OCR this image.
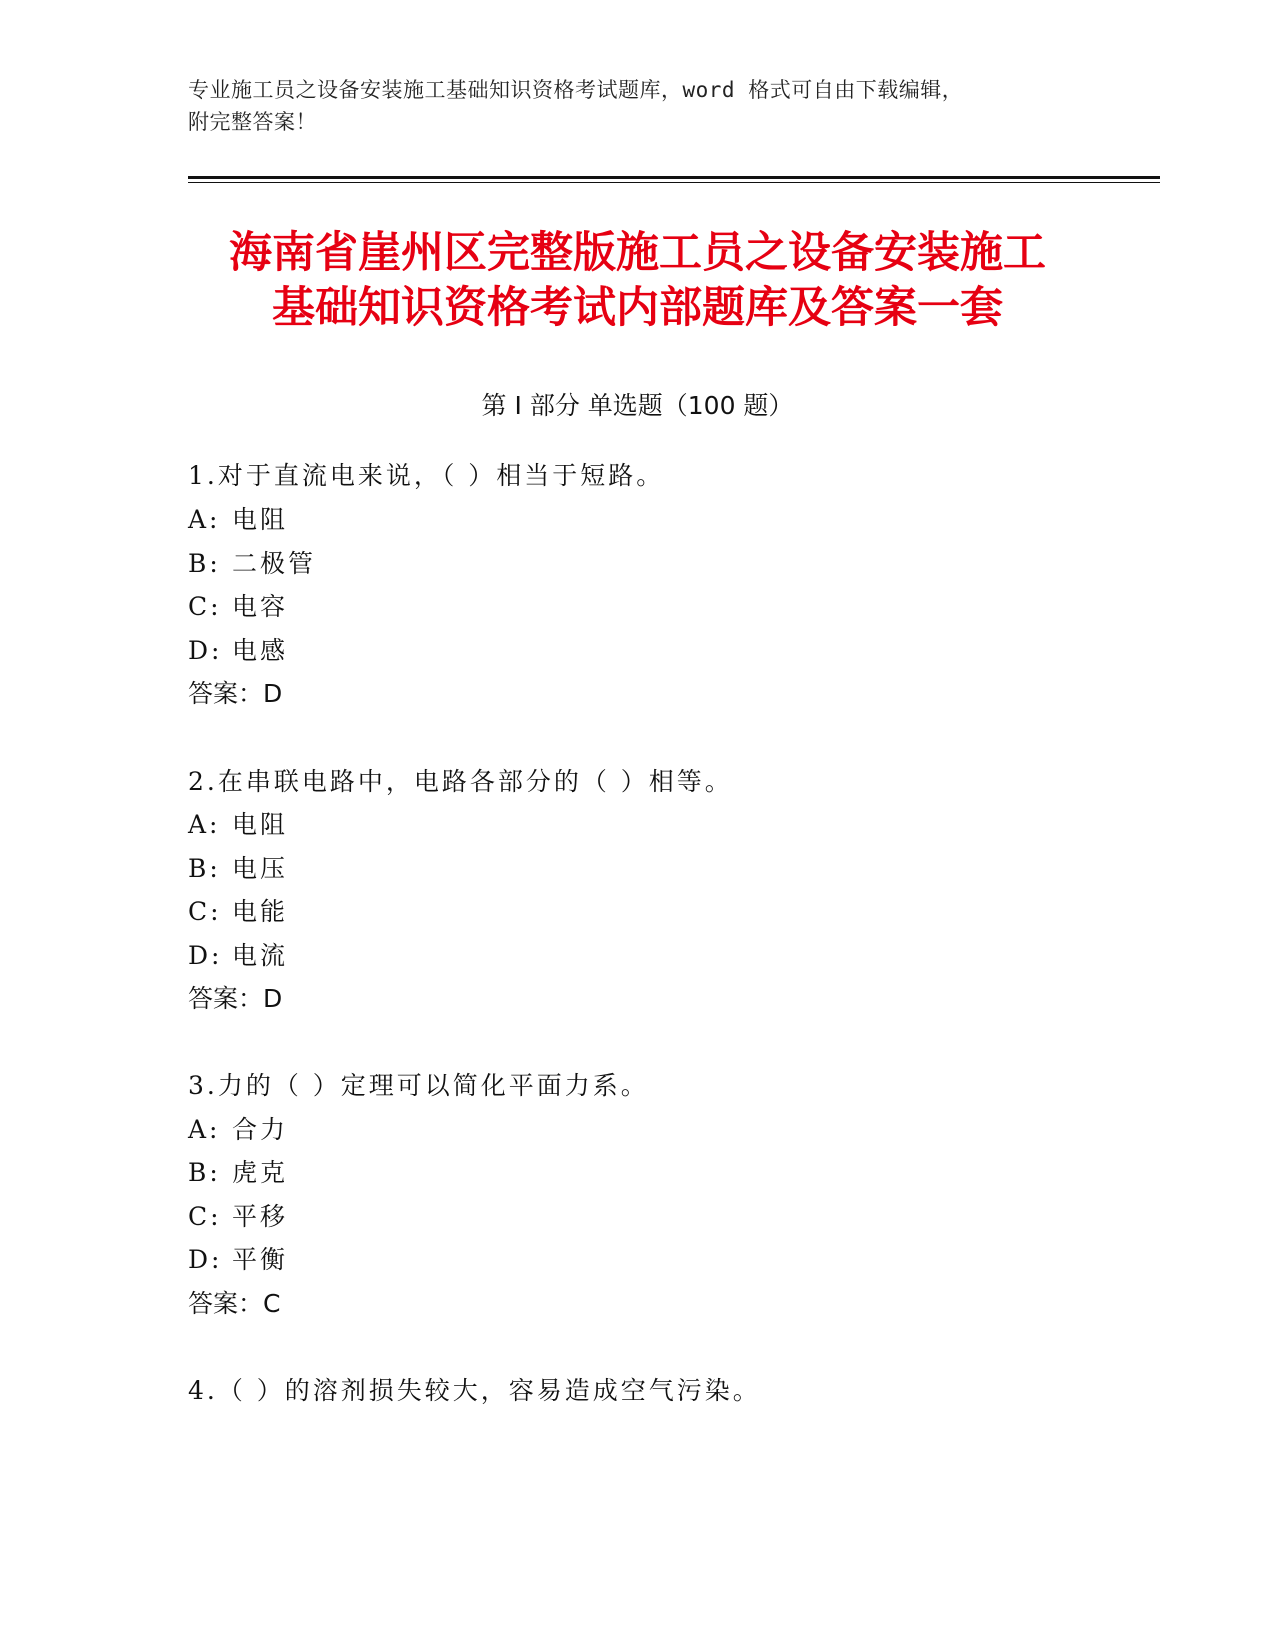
专业施工员之设备安装施工基础知识资格考试题库，word 格式可自由下载编辑，
附完整答案！
海南省崖州区完整版施工员之设备安装施工
基础知识资格考试内部题库及答案一套
第 I 部分 单选题（100 题）
1.对于直流电来说，（ ）相当于短路。
A: 电阻
B: 二极管
C: 电容
D: 电感
答案：D
2.在串联电路中，电路各部分的（ ）相等。
A: 电阻
B: 电压
C: 电能
D: 电流
答案：D
3.力的（ ）定理可以简化平面力系。
A: 合力
B: 虎克
C: 平移
D: 平衡
答案：C
4.（ ）的溶剂损失较大，容易造成空气污染。
